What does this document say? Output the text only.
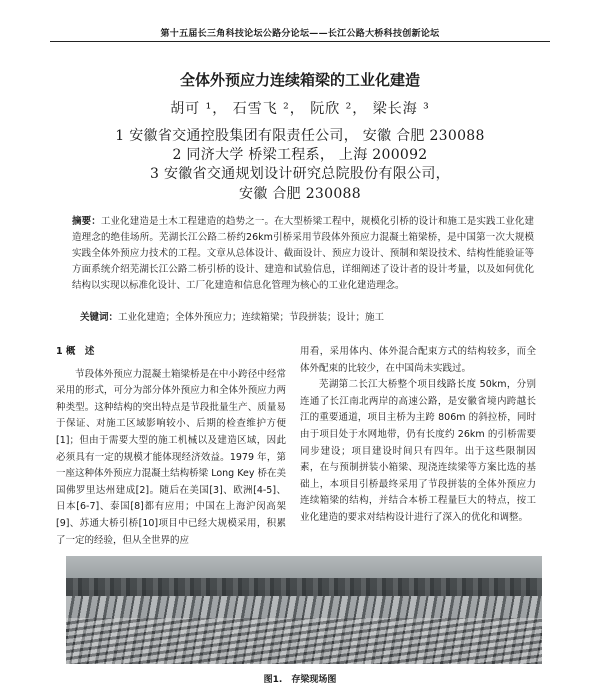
第十五届长三角科技论坛公路分论坛——长江公路大桥科技创新论坛
全体外预应力连续箱梁的工业化建造
胡可 ¹， 石雪飞 ²， 阮欣 ²， 梁长海 ³
1 安徽省交通控股集团有限责任公司， 安徽 合肥 230088
2 同济大学 桥梁工程系， 上海 200092
3 安徽省交通规划设计研究总院股份有限公司，
安徽 合肥 230088
摘要：工业化建造是土木工程建造的趋势之一。在大型桥梁工程中，规模化引桥的设计和施工是实践工业化建造理念的绝佳场所。芜湖长江公路二桥约26km引桥采用节段体外预应力混凝土箱梁桥，是中国第一次大规模实践全体外预应力技术的工程。文章从总体设计、截面设计、预应力设计、预制和架设技术、结构性能验证等方面系统介绍芜湖长江公路二桥引桥的设计、建造和试验信息，详细阐述了设计者的设计考量，以及如何优化结构以实现以标准化设计、工厂化建造和信息化管理为核心的工业化建造理念。
关键词：工业化建造；全体外预应力；连续箱梁；节段拼装；设计；施工

1 概　述

节段体外预应力混凝土箱梁桥是在中小跨径中经常采用的形式，可分为部分体外预应力和全体外预应力两种类型。这种结构的突出特点是节段批量生产、质量易于保证、对施工区域影响较小、后期的检查维护方便[1]；但由于需要大型的施工机械以及建造区域，因此必须具有一定的规模才能体现经济效益。1979 年，第一座这种体外预应力混凝土结构桥梁 Long Key 桥在美国佛罗里达州建成[2]。随后在美国[3]、欧洲[4-5]、日本[6-7]、泰国[8]都有应用；中国在上海沪闵高架[9]、苏通大桥引桥[10]项目中已经大规模采用，积累了一定的经验，但从全世界的应

用看，采用体内、体外混合配束方式的结构较多，而全体外配束的比较少，在中国尚未实践过。

芜湖第二长江大桥整个项目线路长度 50km，分别连通了长江南北两岸的高速公路，是安徽省境内跨越长江的重要通道，项目主桥为主跨 806m 的斜拉桥，同时由于项目处于水网地带，仍有长度约 26km 的引桥需要同步建设；项目建设时间只有四年。出于这些限制因素，在与预制拼装小箱梁、现浇连续梁等方案比选的基础上，本项目引桥最终采用了节段拼装的全体外预应力连续箱梁的结构，并结合本桥工程量巨大的特点，按工业化建造的要求对结构设计进行了深入的优化和调整。

图1.　存梁现场图
